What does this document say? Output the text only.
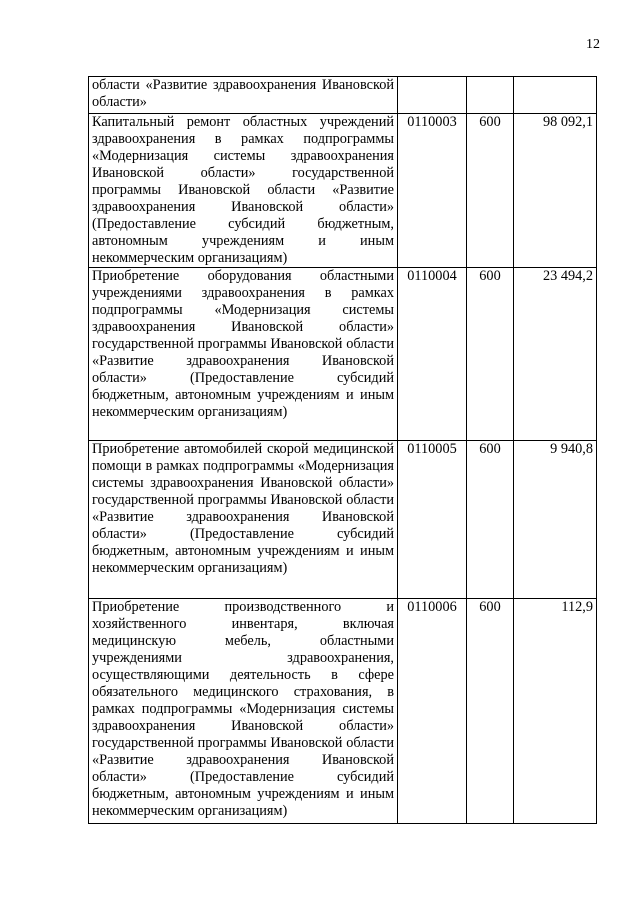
12
области «Развитие здравоохранения Ивановской области»			
Капитальный ремонт областных учреждений здравоохранения в рамках подпрограммы «Модернизация системы здравоохранения Ивановской области» государственной программы Ивановской области «Развитие здравоохранения Ивановской области» (Предоставление субсидий бюджетным, автономным учреждениям и иным некоммерческим организациям)	0110003	600	98 092,1
Приобретение оборудования областными учреждениями здравоохранения в рамках подпрограммы «Модернизация системы здравоохранения Ивановской области» государственной программы Ивановской области «Развитие здравоохранения Ивановской области» (Предоставление субсидий бюджетным, автономным учреждениям и иным некоммерческим организациям)	0110004	600	23 494,2
Приобретение автомобилей скорой медицинской помощи в рамках подпрограммы «Модернизация системы здравоохранения Ивановской области» государственной программы Ивановской области «Развитие здравоохранения Ивановской области» (Предоставление субсидий бюджетным, автономным учреждениям и иным некоммерческим организациям)	0110005	600	9 940,8
Приобретение производственного и хозяйственного инвентаря, включая медицинскую мебель, областными учреждениями здравоохранения, осуществляющими деятельность в сфере обязательного медицинского страхования, в рамках подпрограммы «Модернизация системы здравоохранения Ивановской области» государственной программы Ивановской области «Развитие здравоохранения Ивановской области» (Предоставление субсидий бюджетным, автономным учреждениям и иным некоммерческим организациям)	0110006	600	112,9
